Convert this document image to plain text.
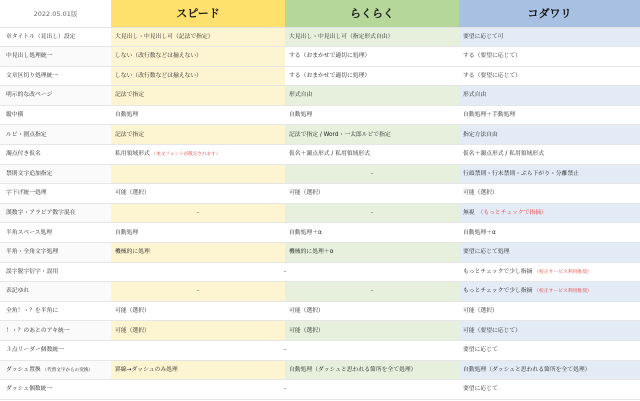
2022.05.01版	スピード	らくらく	コダワリ
章タイトル（見出し）設定	大見出し・中見出し可（記法で指定）	大見出し・中見出し可（指定形式自由）	要望に応じて可
中見出し処理統一	しない（改行数などは揃えない）	する（おまかせで適切に処理）	する（要望に応じて）
文章区切り処理統一	しない（改行数などは揃えない）	する（おまかせで適切に処理）	する（要望に応じて）
明示的な改ページ	記法で指定	形式自由	形式自由
縦中横	自動処理	自動処理	自動処理＋手動処理
ルビ・圏点指定	記法で指定	記法で指定 / Word・一太郎ルビで指定	指定方法自由
濁点付き仮名	私用領域形式 （本文フォントが限定されます）	仮名＋濁点形式 / 私用領域形式	仮名＋濁点形式 / 私用領域形式
禁則文字追加指定		–	行頭禁則・行末禁則・ぶら下がり・分離禁止
字下げ統一処理	可能（選択）	可能（選択）	可能（選択）
漢数字・アラビア数字混在	–	–	無視　 （もっとチェックで指摘）
半角スペース処理	自動処理	自動処理＋α	自動処理＋α
半角・全角文字処理	機械的に処理	機械的に処理＋α	要望に応じて処理
誤字脱字衍字・誤用	–		もっとチェックで少し指摘 （校正サービス利用推奨）
表記ゆれ	–	–	もっとチェックで少し指摘 （校正サービス利用推奨）
全角！・？を半角に	可能（選択）	可能（選択）	可能（選択）
！・？のあとのアキ統一	可能（選択）	可能（選択）	可能（要望に応じて）
３点リーダー個数統一	–		要望に応じて
ダッシュ置換 （代替文字からの変換）	罫線→ダッシュのみ処理	自動処理（ダッシュと思われる箇所を全て処理）	自動処理（ダッシュと思われる箇所を全て処理）
ダッシュ個数統一	–		要望に応じて
